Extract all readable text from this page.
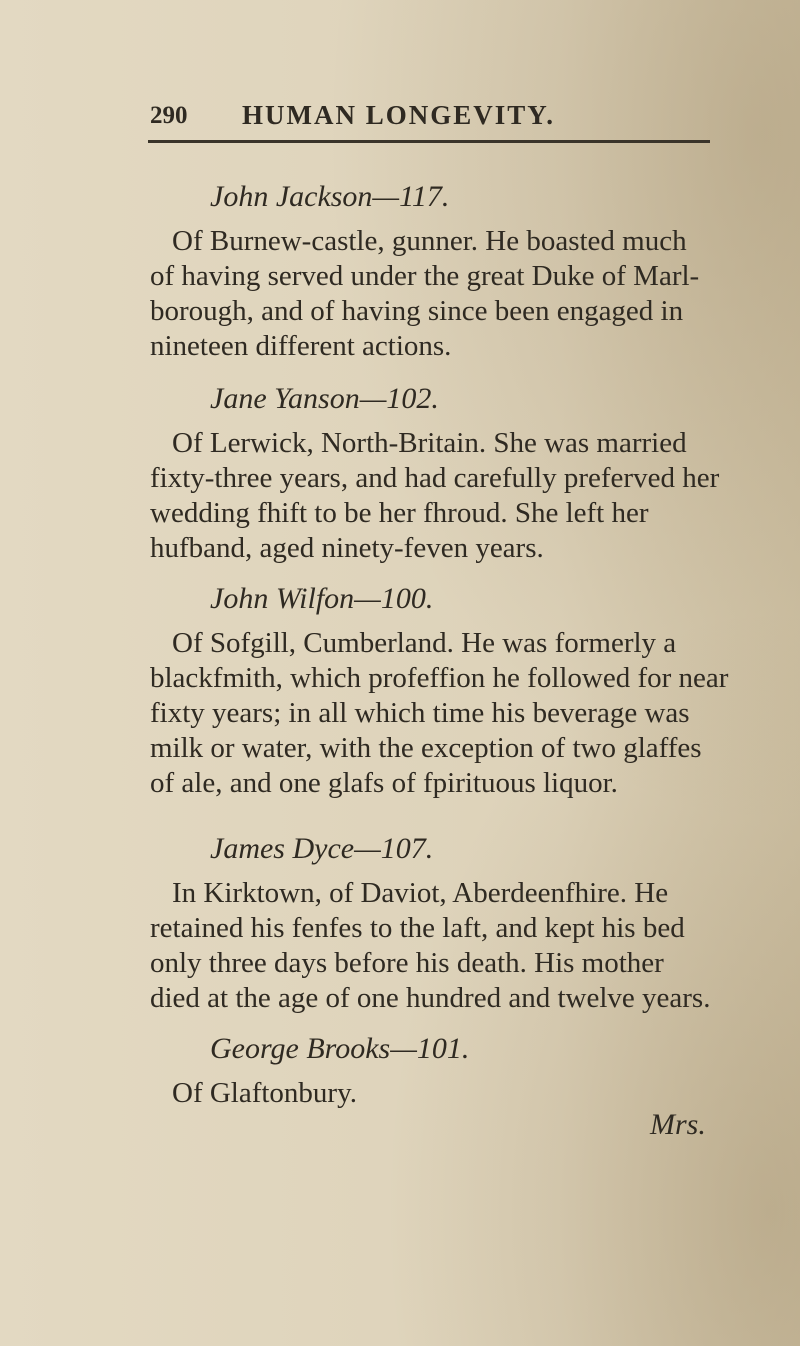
290 HUMAN LONGEVITY.
John Jackson—117.

Of Burnew-castle, gunner. He boasted much
of having served under the great Duke of Marl-
borough, and of having since been engaged in
nineteen different actions.

Jane Yanson—102.

Of Lerwick, North-Britain. She was married
fixty-three years, and had carefully preferved her
wedding fhift to be her fhroud. She left her
hufband, aged ninety-feven years.

John Wilfon—100.

Of Sofgill, Cumberland. He was formerly a
blackfmith, which profeffion he followed for near
fixty years; in all which time his beverage was
milk or water, with the exception of two glaffes
of ale, and one glafs of fpirituous liquor.

James Dyce—107.

In Kirktown, of Daviot, Aberdeenfhire. He
retained his fenfes to the laft, and kept his bed
only three days before his death. His mother
died at the age of one hundred and twelve years.

George Brooks—101.

Of Glaftonbury.

Mrs.
